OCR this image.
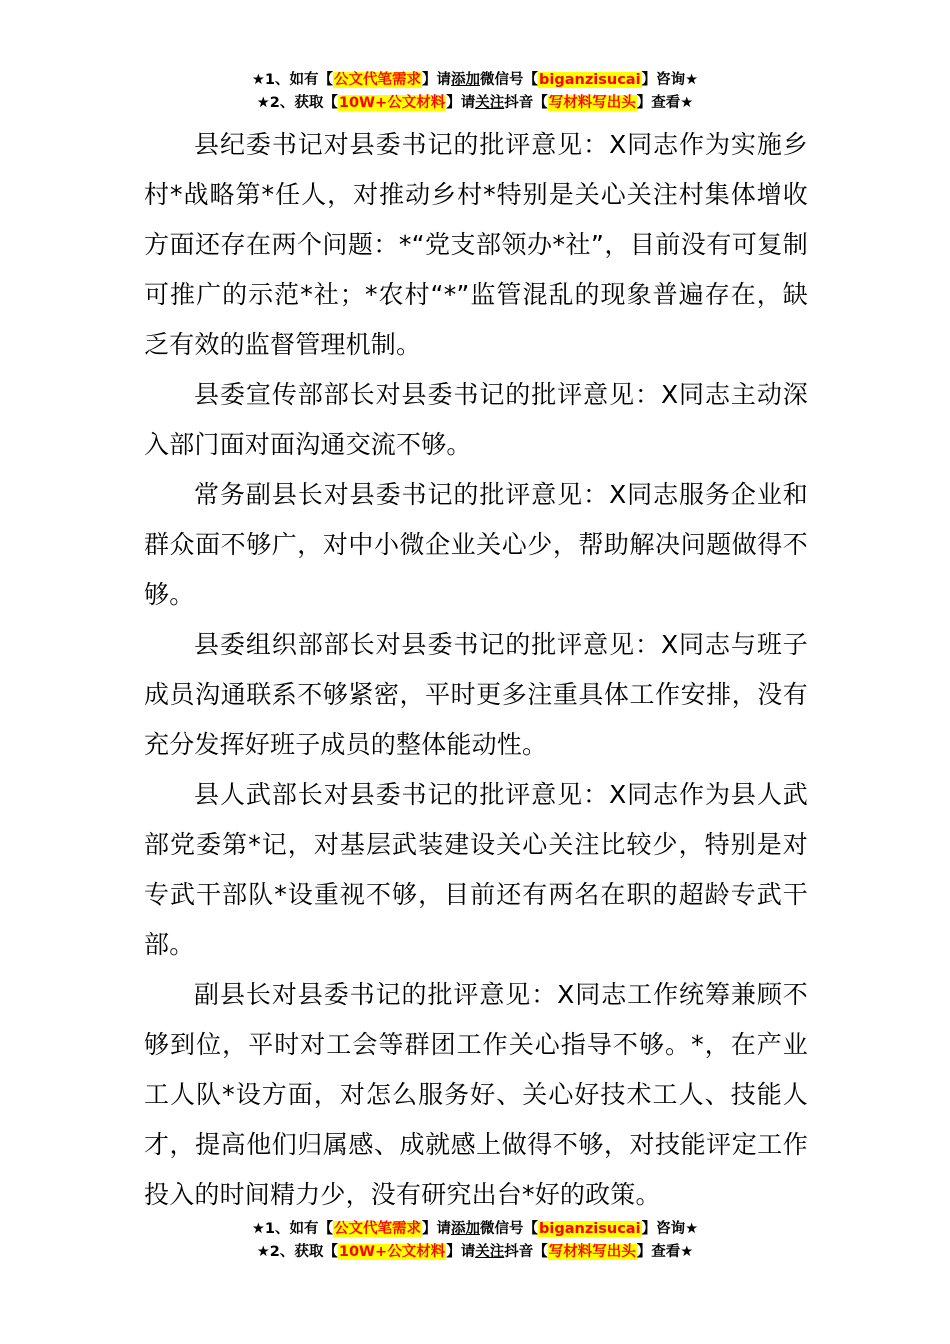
★1、如有【公文代笔需求】请添加微信号【biganzisucai】咨询★
★2、获取【10W+公文材料】请关注抖音【写材料写出头】查看★

县纪委书记对县委书记的批评意见：X同志作为实施乡村*战略第*任人，对推动乡村*特别是关心关注村集体增收方面还存在两个问题：*“党支部领办*社”，目前没有可复制可推广的示范*社；*农村“*”监管混乱的现象普遍存在，缺乏有效的监督管理机制。

县委宣传部部长对县委书记的批评意见：X同志主动深入部门面对面沟通交流不够。

常务副县长对县委书记的批评意见：X同志服务企业和群众面不够广，对中小微企业关心少，帮助解决问题做得不够。

县委组织部部长对县委书记的批评意见：X同志与班子成员沟通联系不够紧密，平时更多注重具体工作安排，没有充分发挥好班子成员的整体能动性。

县人武部长对县委书记的批评意见：X同志作为县人武部党委第*记，对基层武装建设关心关注比较少，特别是对专武干部队*设重视不够，目前还有两名在职的超龄专武干部。

副县长对县委书记的批评意见：X同志工作统筹兼顾不够到位，平时对工会等群团工作关心指导不够。*，在产业工人队*设方面，对怎么服务好、关心好技术工人、技能人才，提高他们归属感、成就感上做得不够，对技能评定工作投入的时间精力少，没有研究出台*好的政策。

★1、如有【公文代笔需求】请添加微信号【biganzisucai】咨询★
★2、获取【10W+公文材料】请关注抖音【写材料写出头】查看★
